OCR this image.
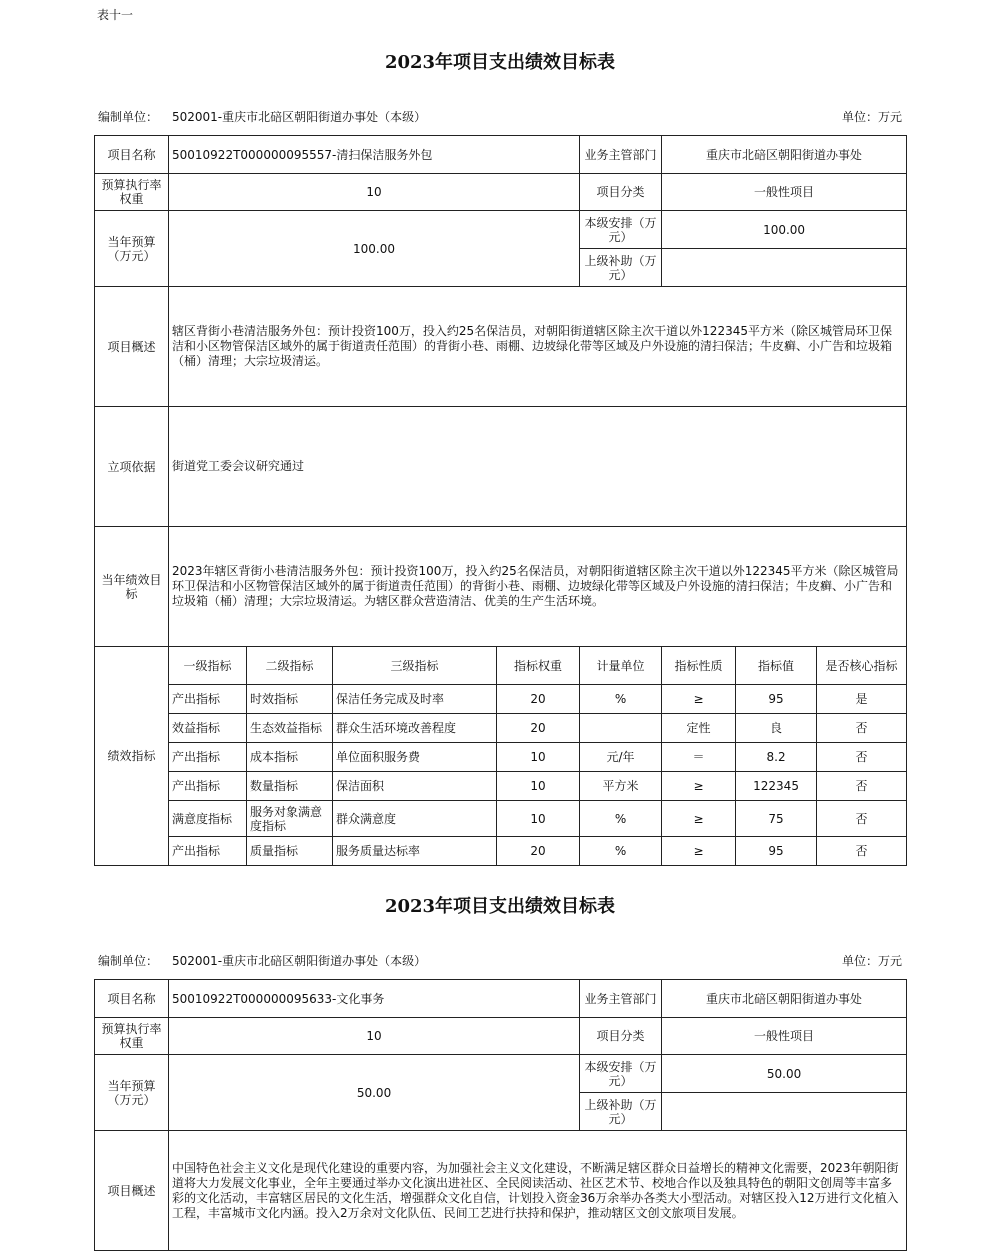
表十一
2023年项目支出绩效目标表
编制单位： 502001-重庆市北碚区朝阳街道办事处（本级）	单位：万元
项目名称	50010922T000000095557-清扫保洁服务外包				业务主管部门	重庆市北碚区朝阳街道办事处		
预算执行率权重	10				项目分类	一般性项目		
当年预算（万元）	100.00				本级安排（万元）	100.00		
					上级补助（万元）			
项目概述	辖区背街小巷清洁服务外包：预计投资100万，投入约25名保洁员，对朝阳街道辖区除主次干道以外122345平方米（除区城管局环卫保洁和小区物管保洁区域外的属于街道责任范围）的背街小巷、雨棚、边坡绿化带等区域及户外设施的清扫保洁；牛皮癣、小广告和垃圾箱（桶）清理；大宗垃圾清运。							
立项依据	街道党工委会议研究通过							
当年绩效目标	2023年辖区背街小巷清洁服务外包：预计投资100万，投入约25名保洁员，对朝阳街道辖区除主次干道以外122345平方米（除区城管局环卫保洁和小区物管保洁区域外的属于街道责任范围）的背街小巷、雨棚、边坡绿化带等区域及户外设施的清扫保洁；牛皮癣、小广告和垃圾箱（桶）清理；大宗垃圾清运。为辖区群众营造清洁、优美的生产生活环境。							
绩效指标	一级指标	二级指标	三级指标	指标权重	计量单位	指标性质	指标值	是否核心指标
	产出指标	时效指标	保洁任务完成及时率	20	%	≥	95	是
	效益指标	生态效益指标	群众生活环境改善程度	20		定性	良	否
	产出指标	成本指标	单位面积服务费	10	元/年	＝	8.2	否
	产出指标	数量指标	保洁面积	10	平方米	≥	122345	否
	满意度指标	服务对象满意度指标	群众满意度	10	%	≥	75	否
	产出指标	质量指标	服务质量达标率	20	%	≥	95	否
2023年项目支出绩效目标表
编制单位： 502001-重庆市北碚区朝阳街道办事处（本级）	单位：万元
项目名称	50010922T000000095633-文化事务	业务主管部门	重庆市北碚区朝阳街道办事处
预算执行率权重	10	项目分类	一般性项目
当年预算（万元）	50.00	本级安排（万元）	50.00
		上级补助（万元）	
项目概述	中国特色社会主义文化是现代化建设的重要内容，为加强社会主义文化建设，不断满足辖区群众日益增长的精神文化需要，2023年朝阳街道将大力发展文化事业，全年主要通过举办文化演出进社区、全民阅读活动、社区艺术节、校地合作以及独具特色的朝阳文创周等丰富多彩的文化活动，丰富辖区居民的文化生活，增强群众文化自信，计划投入资金36万余举办各类大小型活动。对辖区投入12万进行文化植入工程，丰富城市文化内涵。投入2万余对文化队伍、民间工艺进行扶持和保护，推动辖区文创文旅项目发展。		
